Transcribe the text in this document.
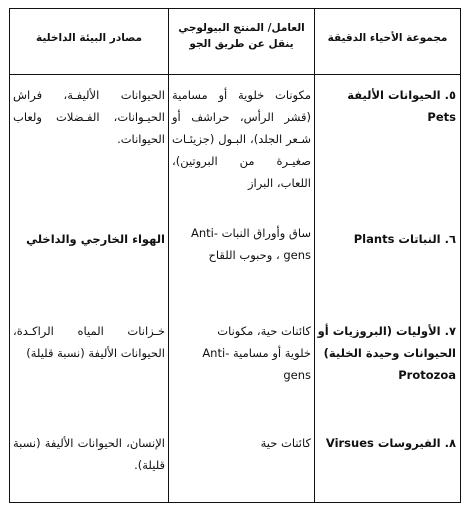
مجموعة الأحياء الدقيقة
العامل/ المنتج البيولوجي
ينقل عن طريق الجو
مصادر البيئة الداخلية
٥. الحيوانات الأليفة Pets
مكونات خلوية أو مسامية (قشر الرأس، حراشف أو شـعر الجلد)، البـول (جزيئـات صغيـرة من البروتين)، اللعاب، البراز
الحيوانات الأليفـة، فراش الحيـوانات، الفـضلات ولعاب الحيوانات.
٦. النباتات Plants
ساق وأوراق النبات -Anti
gens ، وحبوب اللقاح
الهواء الخارجي والداخلي
٧. الأوليات (البروزيات أو
الحيوانات وحيدة الخلية)
Protozoa
كائنات حية، مكونات
خلوية أو مسامية -Anti
gens
خـزانات المياه الراكـدة، الحيوانات الأليفة (نسبة قليلة)
٨. الفيروسات Virsues
كائنات حية
الإنسان، الحيوانات الأليفة (نسبة قليلة).
